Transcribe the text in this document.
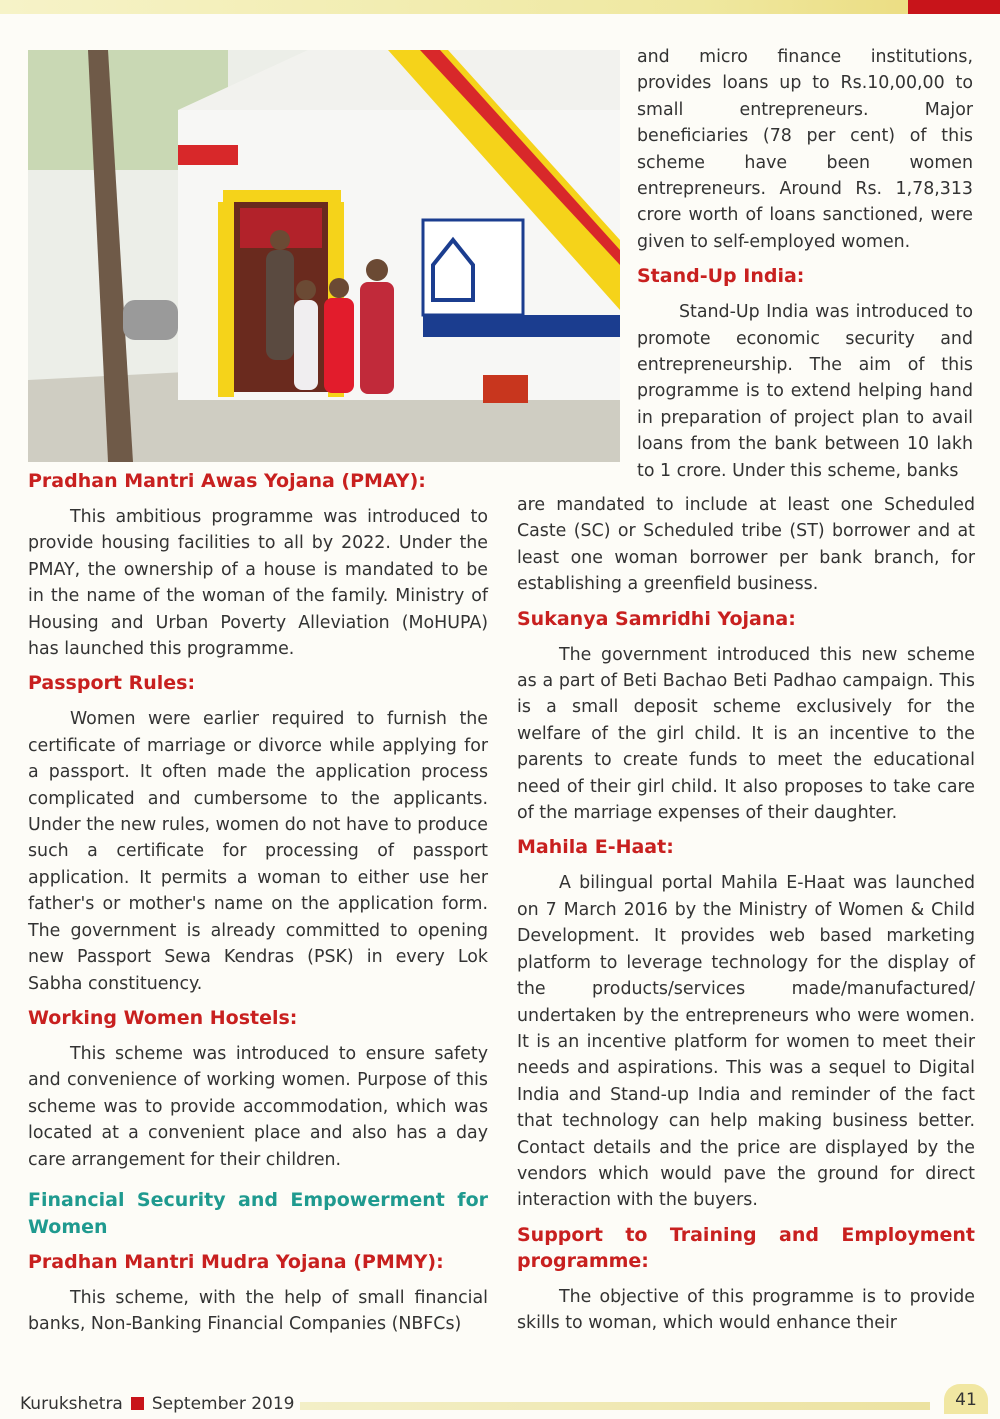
and micro finance institutions, provides loans up to Rs.10,00,00 to small entrepreneurs. Major beneficiaries (78 per cent) of this scheme have been women entrepreneurs. Around Rs. 1,78,313 crore worth of loans sanctioned, were given to self-employed women.

Stand-Up India:

Stand-Up India was introduced to promote economic security and entrepreneurship. The aim of this programme is to extend helping hand in preparation of project plan to avail loans from the bank between 10 lakh to 1 crore. Under this scheme, banks

are mandated to include at least one Scheduled Caste (SC) or Scheduled tribe (ST) borrower and at least one woman borrower per bank branch, for establishing a greenfield business.

Sukanya Samridhi Yojana:

The government introduced this new scheme as a part of Beti Bachao Beti Padhao campaign. This is a small deposit scheme exclusively for the welfare of the girl child. It is an incentive to the parents to create funds to meet the educational need of their girl child. It also proposes to take care of the marriage expenses of their daughter.

Mahila E-Haat:

A bilingual portal Mahila E-Haat was launched on 7 March 2016 by the Ministry of Women & Child Development. It provides web based marketing platform to leverage technology for the display of the products/services made/manufactured/ undertaken by the entrepreneurs who were women. It is an incentive platform for women to meet their needs and aspirations. This was a sequel to Digital India and Stand-up India and reminder of the fact that technology can help making business better. Contact details and the price are displayed by the vendors which would pave the ground for direct interaction with the buyers.

Support to Training and Employment programme:

The objective of this programme is to provide skills to woman, which would enhance their

Pradhan Mantri Awas Yojana (PMAY):

This ambitious programme was introduced to provide housing facilities to all by 2022. Under the PMAY, the ownership of a house is mandated to be in the name of the woman of the family. Ministry of Housing and Urban Poverty Alleviation (MoHUPA) has launched this programme.

Passport Rules:

Women were earlier required to furnish the certificate of marriage or divorce while applying for a passport. It often made the application process complicated and cumbersome to the applicants. Under the new rules, women do not have to produce such a certificate for processing of passport application. It permits a woman to either use her father's or mother's name on the application form. The government is already committed to opening new Passport Sewa Kendras (PSK) in every Lok Sabha constituency.

Working Women Hostels:

This scheme was introduced to ensure safety and convenience of working women. Purpose of this scheme was to provide accommodation, which was located at a convenient place and also has a day care arrangement for their children.

Financial Security and Empowerment for Women
Pradhan Mantri Mudra Yojana (PMMY):

This scheme, with the help of small financial banks, Non-Banking Financial Companies (NBFCs)

Kurukshetra September 2019	41
